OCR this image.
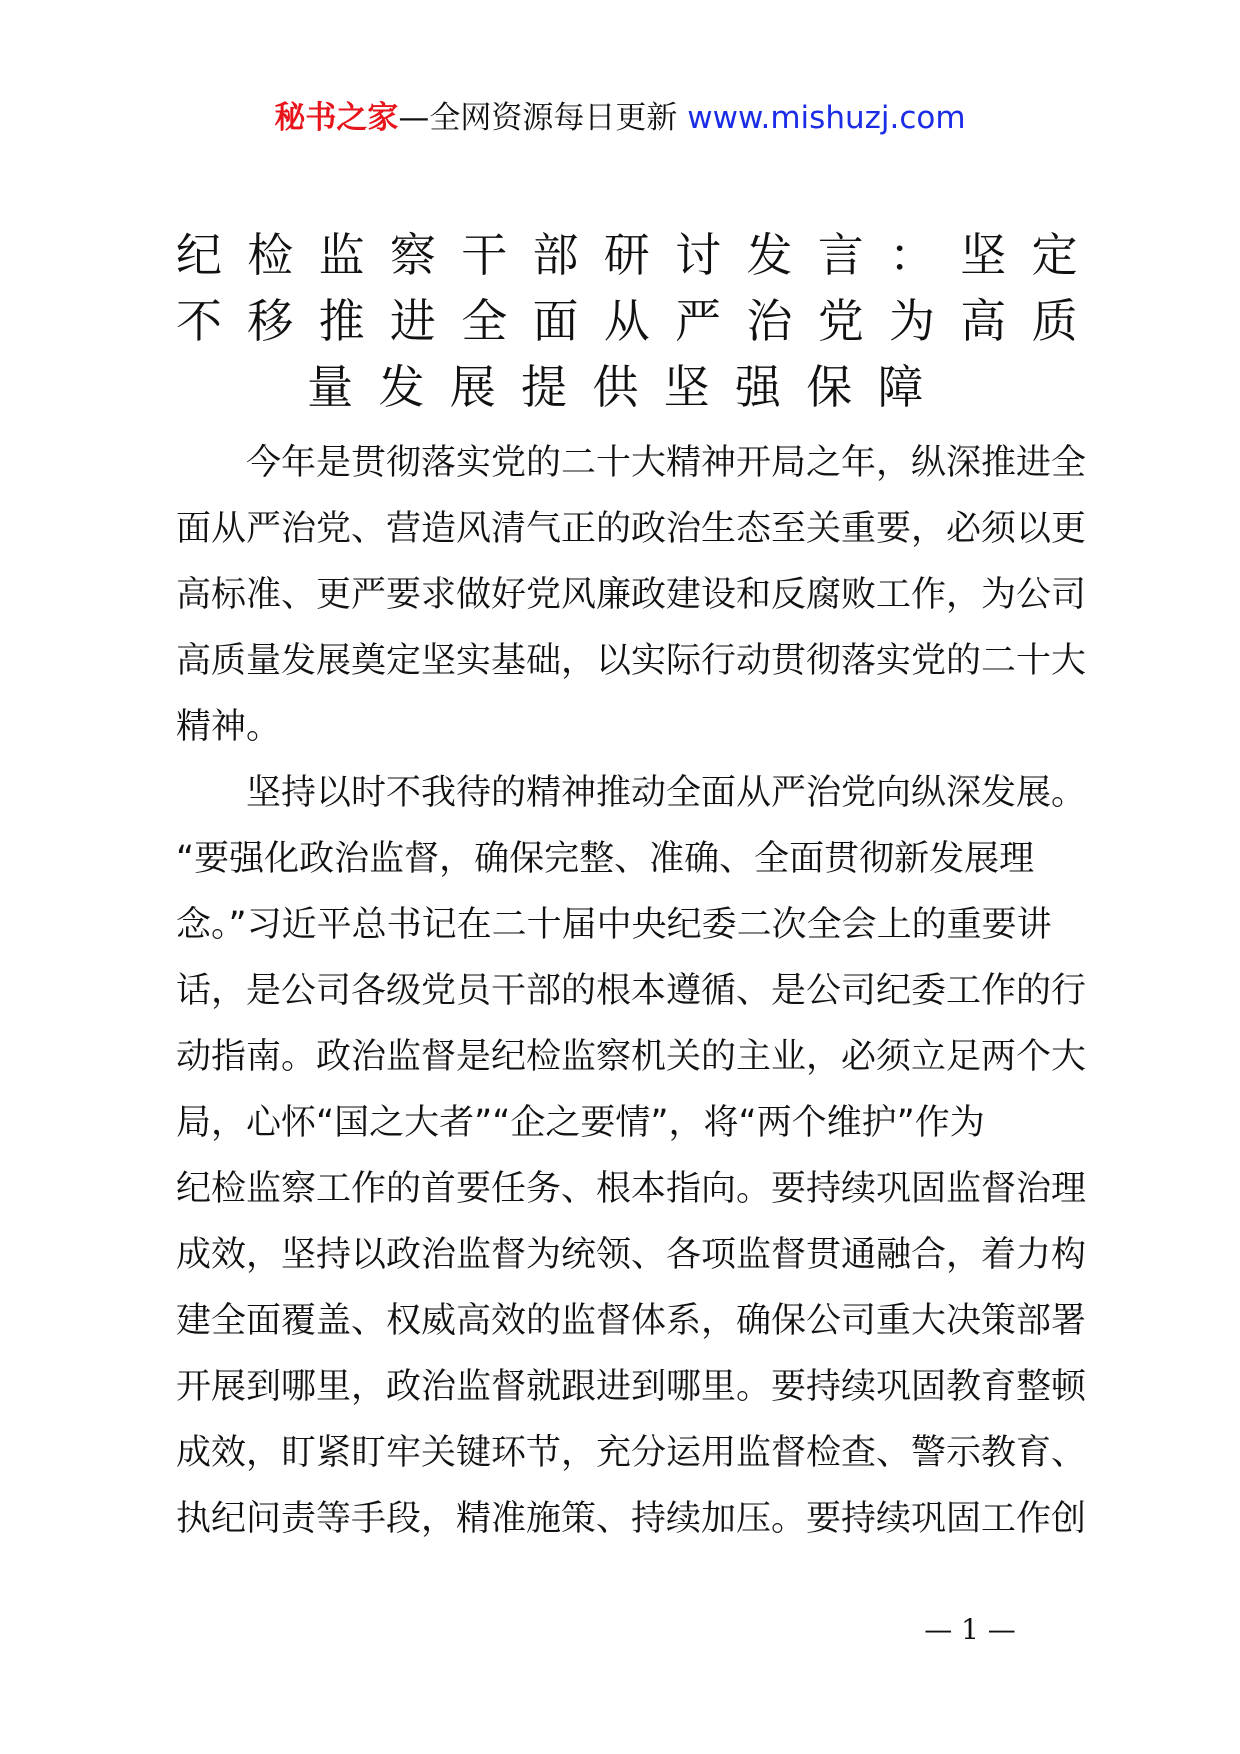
秘书之家—全网资源每日更新 www.mishuzj.com
纪检监察干部研讨发言：坚定
不移推进全面从严治党为高质
量发展提供坚强保障

今年是贯彻落实党的二十大精神开局之年，纵深推进全
面从严治党、营造风清气正的政治生态至关重要，必须以更
高标准、更严要求做好党风廉政建设和反腐败工作，为公司
高质量发展奠定坚实基础，以实际行动贯彻落实党的二十大
精神。

坚持以时不我待的精神推动全面从严治党向纵深发展。
“要强化政治监督，确保完整、准确、全面贯彻新发展理
念。”习近平总书记在二十届中央纪委二次全会上的重要讲
话，是公司各级党员干部的根本遵循、是公司纪委工作的行
动指南。政治监督是纪检监察机关的主业，必须立足两个大
局，心怀“国之大者”“企之要情”，将“两个维护”作为
纪检监察工作的首要任务、根本指向。要持续巩固监督治理
成效，坚持以政治监督为统领、各项监督贯通融合，着力构
建全面覆盖、权威高效的监督体系，确保公司重大决策部署
开展到哪里，政治监督就跟进到哪里。要持续巩固教育整顿
成效，盯紧盯牢关键环节，充分运用监督检查、警示教育、
执纪问责等手段，精准施策、持续加压。要持续巩固工作创

— 1 —
